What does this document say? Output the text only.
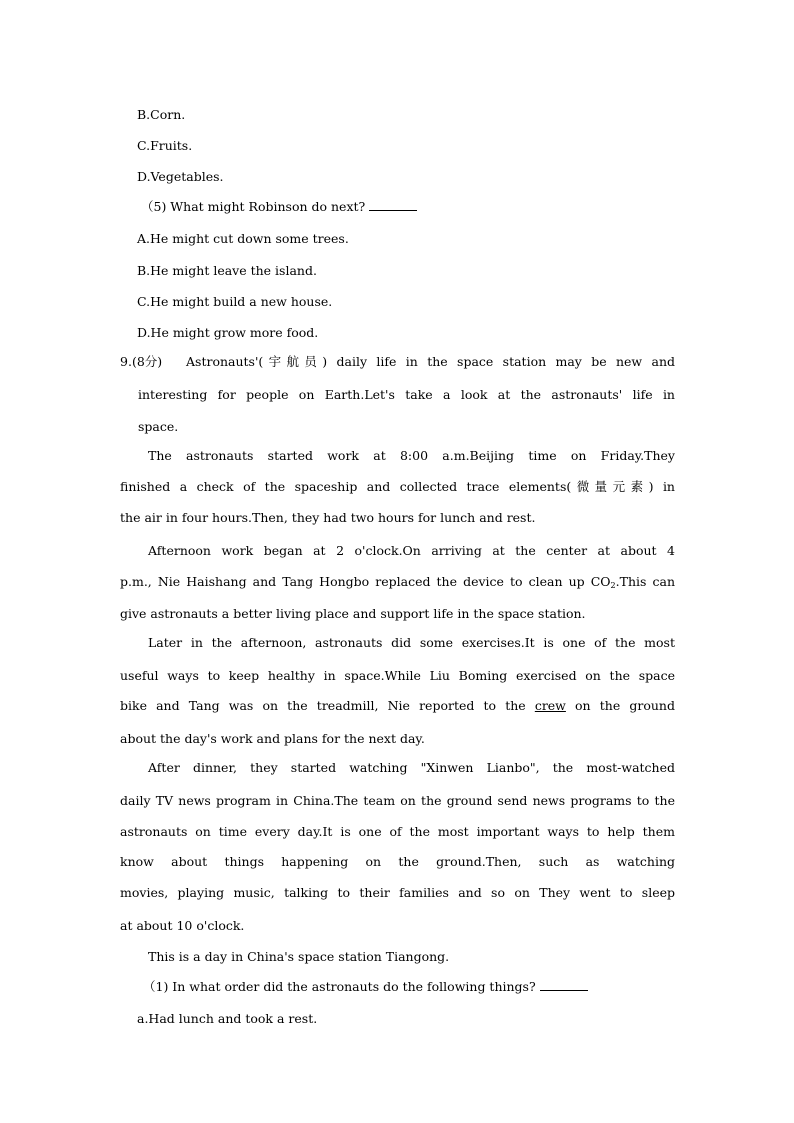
B.Corn.
C.Fruits.
D.Vegetables.
（5) What might Robinson do next?
A.He might cut down some trees.
B.He might leave the island.
C.He might build a new house.
D.He might grow more food.
9.(8分) Astronauts'(宇航员) daily life in the space station may be new and
interesting for people on Earth.Let's take a look at the astronauts' life in
space.
The astronauts started work at 8:00 a.m.Beijing time on Friday.They
finished a check of the spaceship and collected trace elements(微量元素) in
the air in four hours.Then, they had two hours for lunch and rest.
Afternoon work began at 2 o'clock.On arriving at the center at about 4
p.m., Nie Haishang and Tang Hongbo replaced the device to clean up $CO_2.This$ can
give astronauts a better living place and support life in the space station.
Later in the afternoon, astronauts did some exercises.It is one of the most
useful ways to keep healthy in space.While Liu Boming exercised on the space
bike and Tang was on the treadmill, Nie reported to the crew on the ground
about the day's work and plans for the next day.
After dinner, they started watching "Xinwen Lianbo", the most-watched
daily TV news program in China.The team on the ground send news programs to the
astronauts on time every day.It is one of the most important ways to help them
know about things happening on the ground.Then, such as watching
movies, playing music, talking to their families and so on They went to sleep
at about 10 o'clock.
This is a day in China's space station Tiangong.
（1) In what order did the astronauts do the following things?
a.Had lunch and took a rest.
